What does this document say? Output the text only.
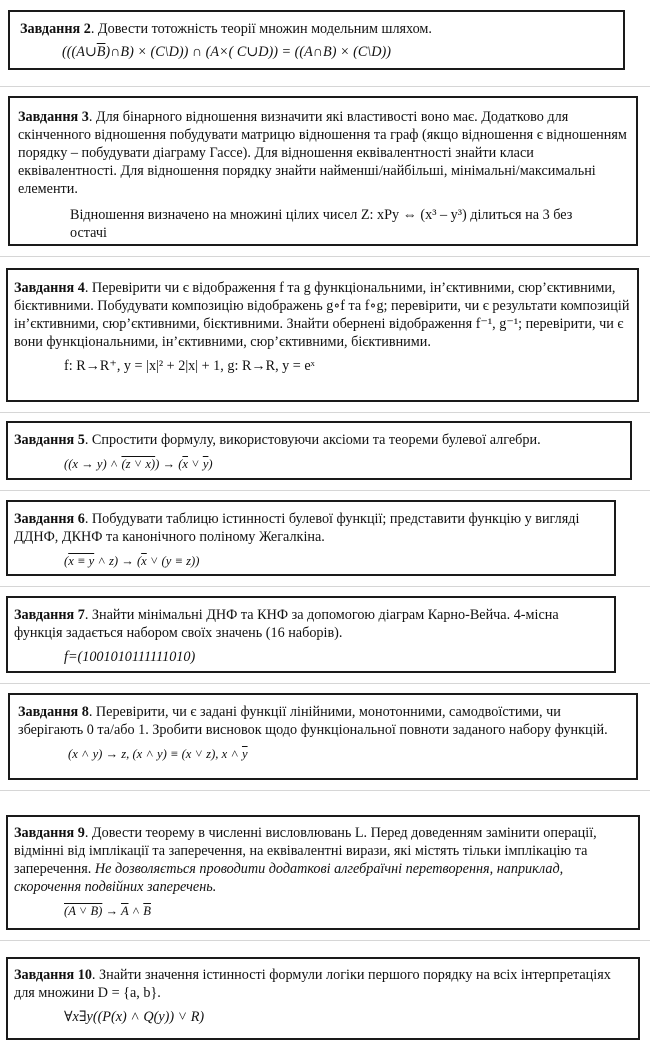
Завдання 2. Довести тотожність теорії множин модельним шляхом.

($((A\cup\overline{B})\cap B)$ × (C\D)) ∩ (A×( C∪D)) = ((A∩B) × (C\D))

Завдання 3. Для бінарного відношення визначити які властивості воно має. Додатково для скінченного відношення побудувати матрицю відношення та граф (якщо відношення є відношенням порядку – побудувати діаграму Гассе). Для відношення еквівалентності знайти класи еквівалентності. Для відношення порядку знайти найменші/найбільші, мінімальні/максимальні елементи.

Відношення визначено на множині цілих чисел Z: xPy ⇔ (x³ – y³) ділиться на 3 без остачі

Завдання 4. Перевірити чи є відображення f та g функціональними, ін’єктивними, сюр’єктивними, бієктивними. Побудувати композицію відображень g∘f та f∘g; перевірити, чи є результати композицій ін’єктивними, сюр’єктивними, бієктивними. Знайти обернені відображення f⁻¹, g⁻¹; перевірити, чи є вони функціональними, ін’єктивними, сюр’єктивними, бієктивними.

f: R→R⁺, y = |x|² + 2|x| + 1, g: R→R, y = eˣ

Завдання 5. Спростити формулу, використовуючи аксіоми та теореми булевої алгебри.

((x → y) ˄ (z ˅ $x)) \to (\overline{x}$ ˅ $\overline{y}$)

Завдання 6. Побудувати таблицю істинності булевої функції; представити функцію у вигляді ДДНФ, ДКНФ та канонічного поліному Жегалкіна.

(x ≡ y ˄ $z) \to (\overline{x}$ ˅ (y ≡ z))

Завдання 7. Знайти мінімальні ДНФ та КНФ за допомогою діаграм Карно-Вейча. 4-місна функція задається набором своїх значень (16 наборів).

f=(1001010111111010)

Завдання 8. Перевірити, чи є задані функції лінійними, монотонними, самодвоїстими, чи зберігають 0 та/або 1. Зробити висновок щодо функціональної повноти заданого набору функцій.

(x ˄ y) → z, (x ˄ y) ≡ (x ˅ z), x ˄ $\overline{y}$

Завдання 9. Довести теорему в численні висловлювань L. Перед доведенням замінити операції, відмінні від імплікації та заперечення, на еквівалентні вирази, які містять тільки імплікацію та заперечення. Не дозволяється проводити додаткові алгебраїчні перетворення, наприклад, скорочення подвійних заперечень.

(A ˅ $B) \to \overline{A}$ ˄ $\overline{B}$

Завдання 10. Знайти значення істинності формули логіки першого порядку на всіх інтерпретаціях для множини D = {a, b}.

∀x∃y((P(x) ˄ Q(y)) ˅ R)
